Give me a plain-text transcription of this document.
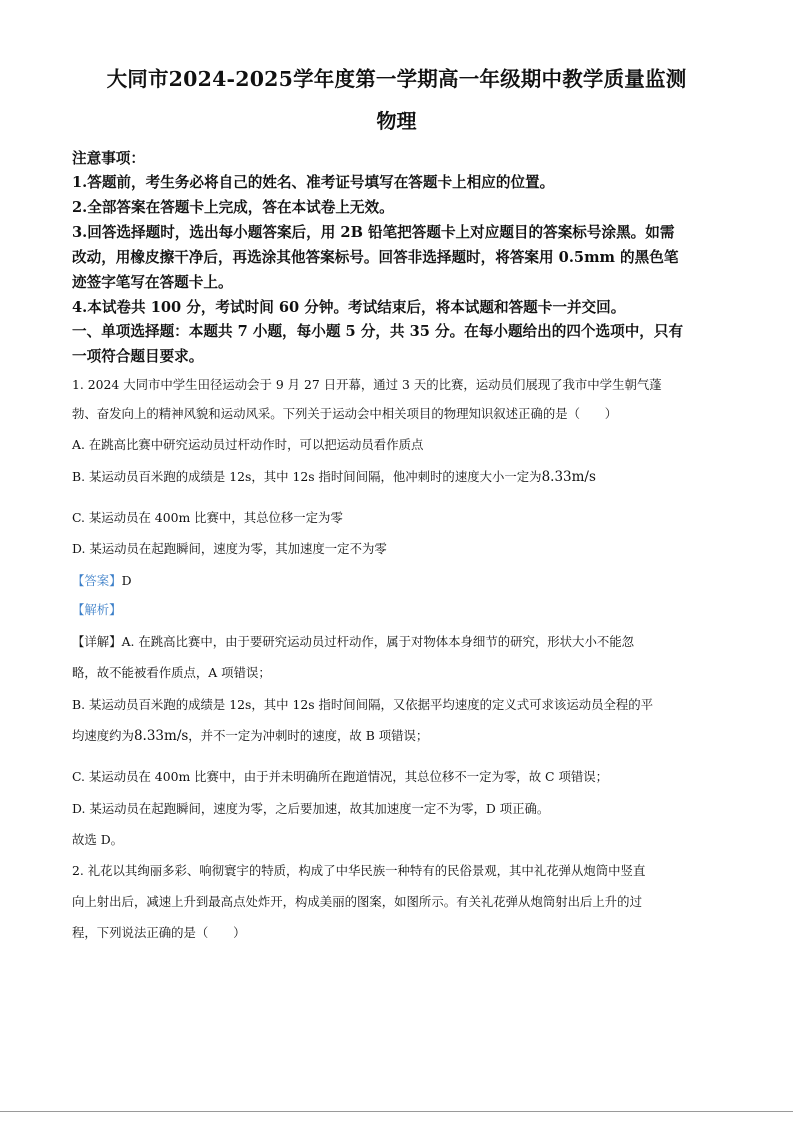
大同市2024-2025学年度第一学期高一年级期中教学质量监测
物理
注意事项：
1.答题前，考生务必将自己的姓名、准考证号填写在答题卡上相应的位置。
2.全部答案在答题卡上完成，答在本试卷上无效。
3.回答选择题时，选出每小题答案后，用 2B 铅笔把答题卡上对应题目的答案标号涂黑。如需
改动，用橡皮擦干净后，再选涂其他答案标号。回答非选择题时，将答案用 0.5mm 的黑色笔
迹签字笔写在答题卡上。
4.本试卷共 100 分，考试时间 60 分钟。考试结束后，将本试题和答题卡一并交回。
一、单项选择题：本题共 7 小题，每小题 5 分，共 35 分。在每小题给出的四个选项中，只有
一项符合题目要求。
1. 2024 大同市中学生田径运动会于 9 月 27 日开幕，通过 3 天的比赛，运动员们展现了我市中学生朝气蓬
勃、奋发向上的精神风貌和运动风采。下列关于运动会中相关项目的物理知识叙述正确的是（　　）
A. 在跳高比赛中研究运动员过杆动作时，可以把运动员看作质点
B. 某运动员百米跑的成绩是 12s，其中 12s 指时间间隔，他冲刺时的速度大小一定为8.33m/s
C. 某运动员在 400m 比赛中，其总位移一定为零
D. 某运动员在起跑瞬间，速度为零，其加速度一定不为零
【答案】D
【解析】
【详解】A. 在跳高比赛中，由于要研究运动员过杆动作，属于对物体本身细节的研究，形状大小不能忽
略，故不能被看作质点，A 项错误；
B. 某运动员百米跑的成绩是 12s，其中 12s 指时间间隔，又依据平均速度的定义式可求该运动员全程的平
均速度约为8.33m/s，并不一定为冲刺时的速度，故 B 项错误；
C. 某运动员在 400m 比赛中，由于并未明确所在跑道情况，其总位移不一定为零，故 C 项错误；
D. 某运动员在起跑瞬间，速度为零，之后要加速，故其加速度一定不为零，D 项正确。
故选 D。
2. 礼花以其绚丽多彩、响彻寰宇的特质，构成了中华民族一种特有的民俗景观，其中礼花弹从炮筒中竖直
向上射出后，减速上升到最高点处炸开，构成美丽的图案，如图所示。有关礼花弹从炮筒射出后上升的过
程，下列说法正确的是（　　）
